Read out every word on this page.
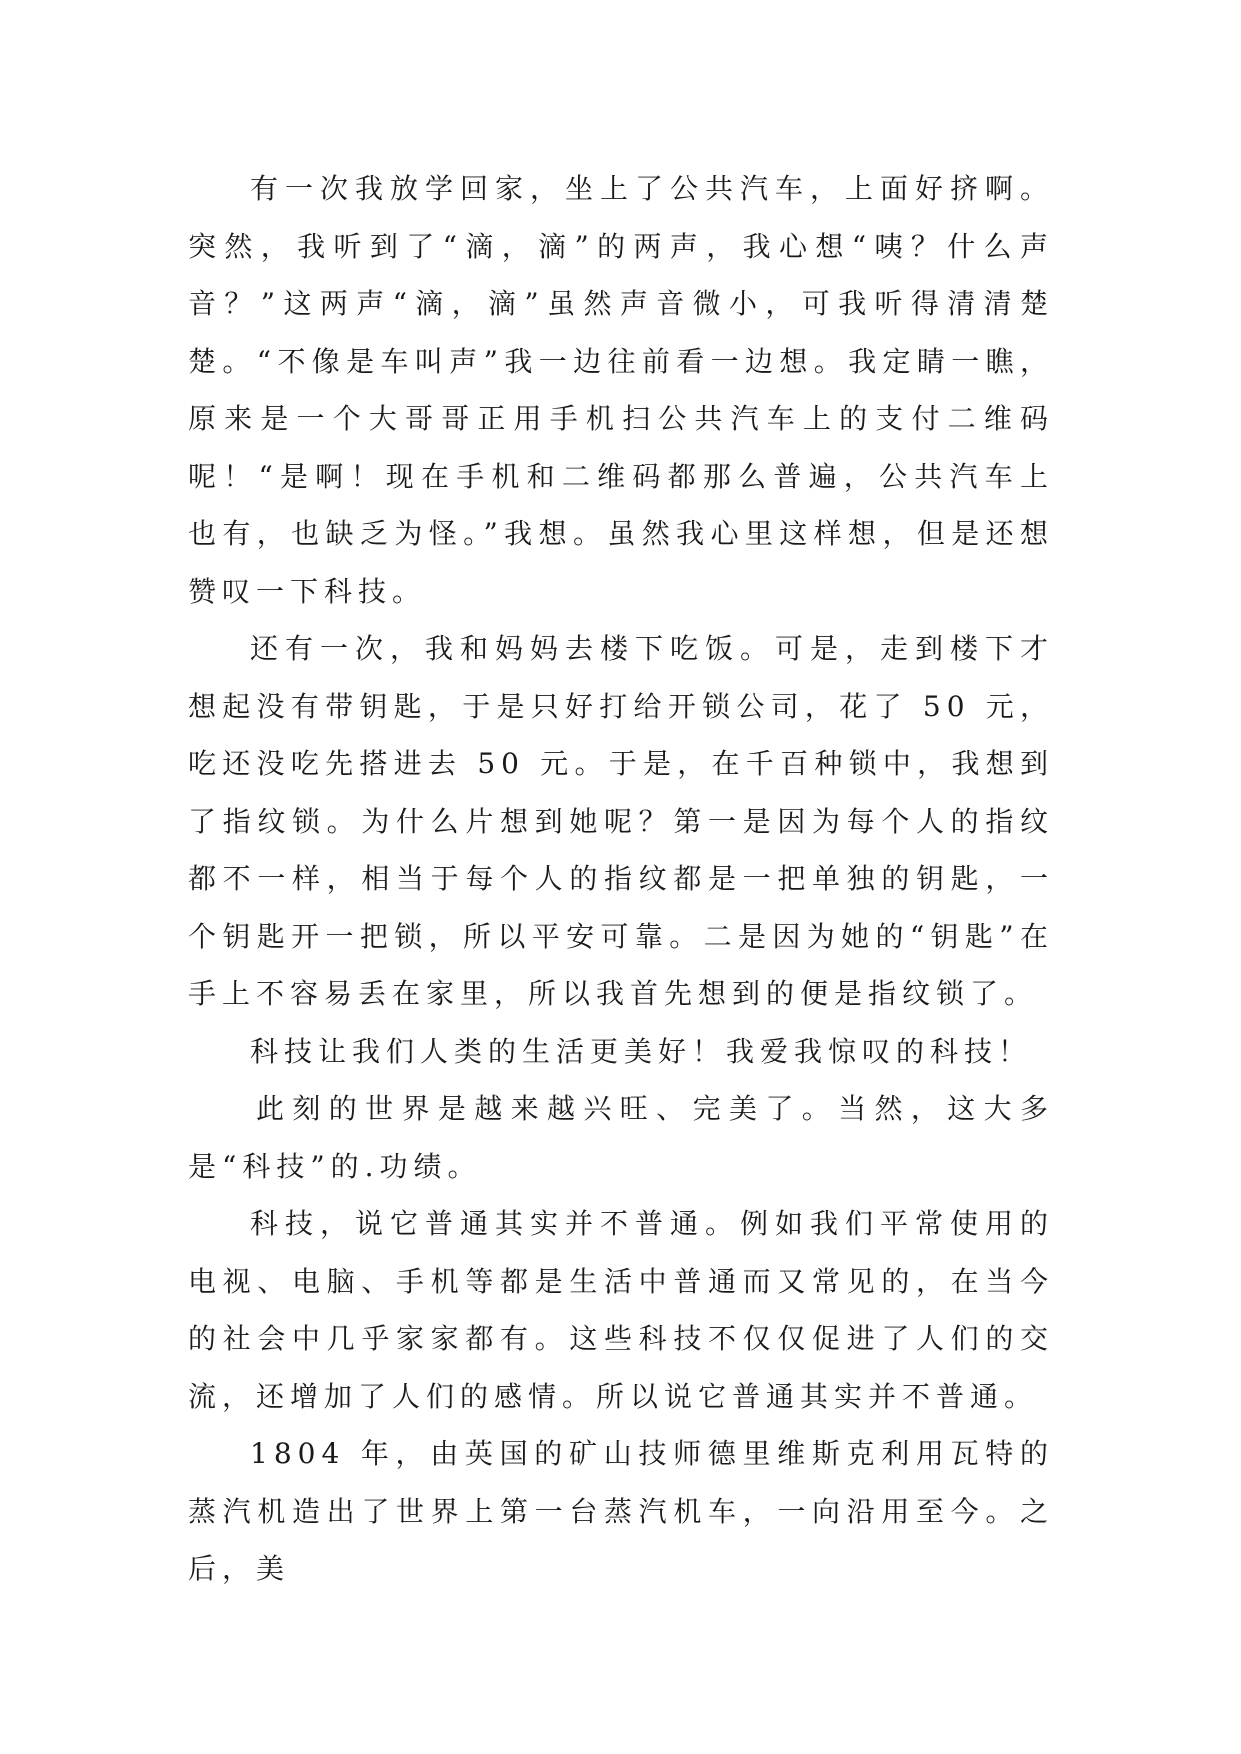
有一次我放学回家，坐上了公共汽车，上面好挤啊。突然，我听到了“滴，滴”的两声，我心想“咦？什么声音？”这两声“滴，滴”虽然声音微小，可我听得清清楚楚。“不像是车叫声”我一边往前看一边想。我定睛一瞧，原来是一个大哥哥正用手机扫公共汽车上的支付二维码呢！“是啊！现在手机和二维码都那么普遍，公共汽车上也有，也缺乏为怪。”我想。虽然我心里这样想，但是还想赞叹一下科技。

还有一次，我和妈妈去楼下吃饭。可是，走到楼下才想起没有带钥匙，于是只好打给开锁公司，花了 50 元，吃还没吃先搭进去 50 元。于是，在千百种锁中，我想到了指纹锁。为什么片想到她呢？第一是因为每个人的指纹都不一样，相当于每个人的指纹都是一把单独的钥匙，一个钥匙开一把锁，所以平安可靠。二是因为她的“钥匙”在手上不容易丢在家里，所以我首先想到的便是指纹锁了。

科技让我们人类的生活更美好！我爱我惊叹的科技！

此刻的世界是越来越兴旺、完美了。当然，这大多是“科技”的.功绩。

科技，说它普通其实并不普通。例如我们平常使用的电视、电脑、手机等都是生活中普通而又常见的，在当今的社会中几乎家家都有。这些科技不仅仅促进了人们的交流，还增加了人们的感情。所以说它普通其实并不普通。

1804 年，由英国的矿山技师德里维斯克利用瓦特的蒸汽机造出了世界上第一台蒸汽机车，一向沿用至今。之后，美
